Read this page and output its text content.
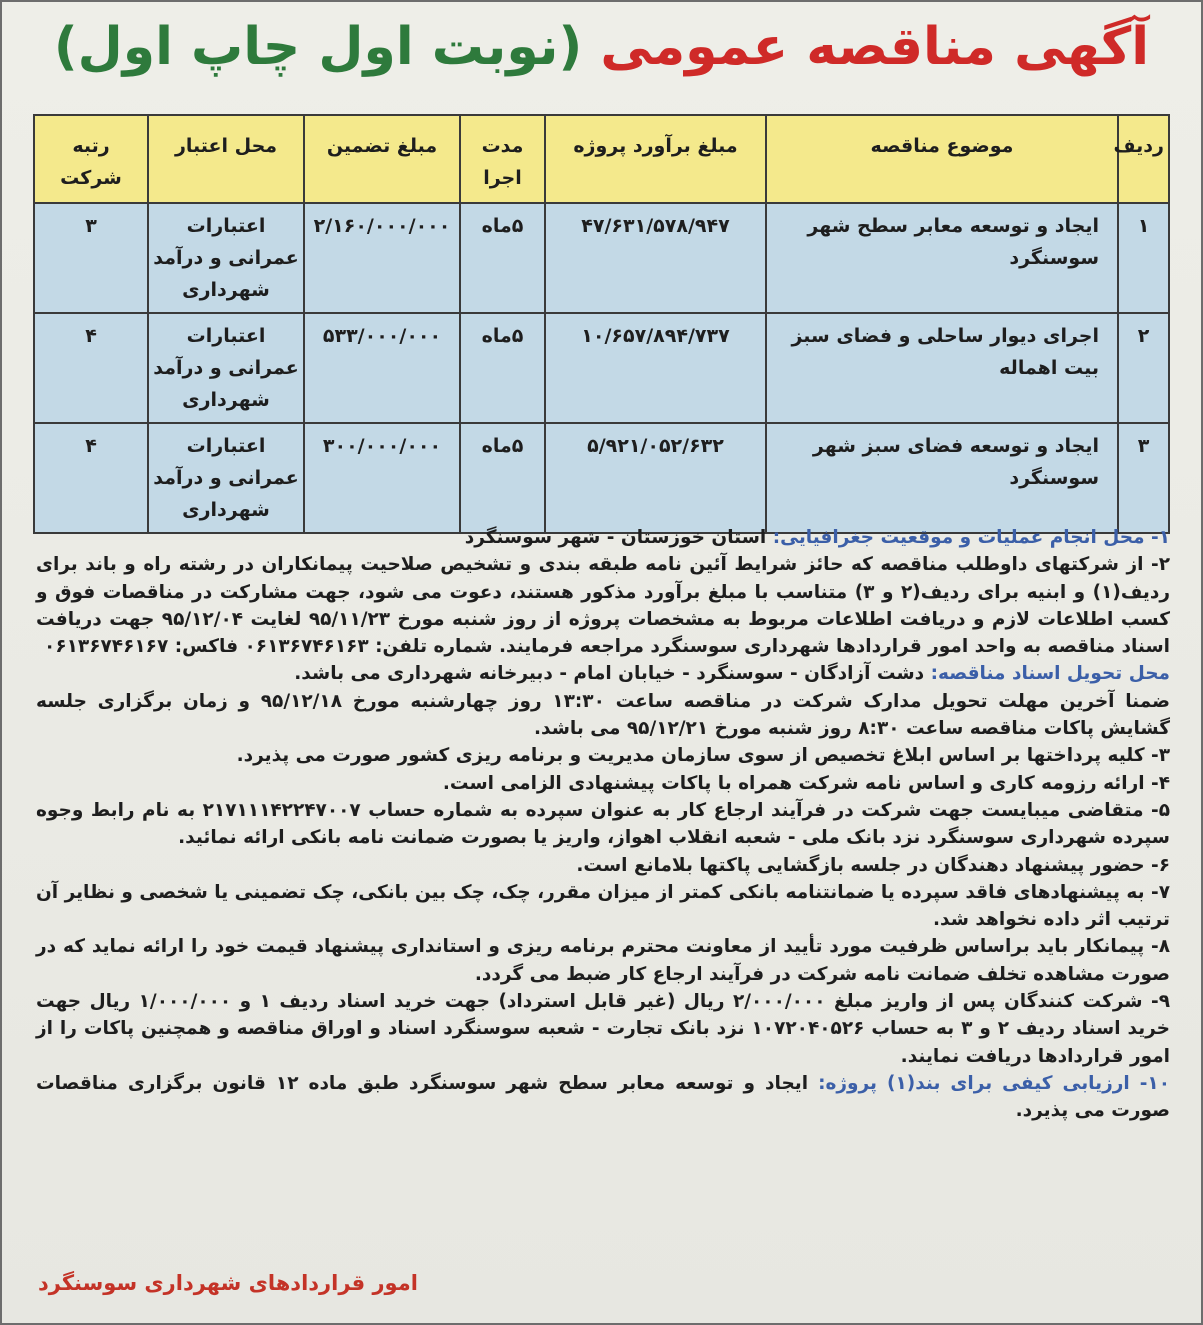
آگهی مناقصه عمومی (نوبت اول چاپ اول)
ردیف	موضوع مناقصه	مبلغ برآورد پروژه	مدت اجرا	مبلغ تضمین	محل اعتبار	رتبه شرکت
۱	ایجاد و توسعه معابر سطح شهر سوسنگرد	۴۷/۶۳۱/۵۷۸/۹۴۷	۵ماه	۲/۱۶۰/۰۰۰/۰۰۰	اعتبارات عمرانی و درآمد شهرداری	۳
۲	اجرای دیوار ساحلی و فضای سبز بیت اهماله	۱۰/۶۵۷/۸۹۴/۷۳۷	۵ماه	۵۳۳/۰۰۰/۰۰۰	اعتبارات عمرانی و درآمد شهرداری	۴
۳	ایجاد و توسعه فضای سبز شهر سوسنگرد	۵/۹۲۱/۰۵۲/۶۳۲	۵ماه	۳۰۰/۰۰۰/۰۰۰	اعتبارات عمرانی و درآمد شهرداری	۴

۱- محل انجام عملیات و موقعیت جغرافیایی: استان خوزستان - شهر سوسنگرد

۲- از شرکتهای داوطلب مناقصه که حائز شرایط آئین نامه طبقه بندی و تشخیص صلاحیت پیمانکاران در رشته راه و باند برای ردیف(۱) و ابنیه برای ردیف(۲ و ۳) متناسب با مبلغ برآورد مذکور هستند، دعوت می شود، جهت مشارکت در مناقصات فوق و کسب اطلاعات لازم و دریافت اطلاعات مربوط به مشخصات پروژه از روز شنبه مورخ ۹۵/۱۱/۲۳ لغایت ۹۵/۱۲/۰۴ جهت دریافت اسناد مناقصه به واحد امور قراردادها شهرداری سوسنگرد مراجعه فرمایند. شماره تلفن: ۰۶۱۳۶۷۴۶۱۶۳ فاکس: ۰۶۱۳۶۷۴۶۱۶۷

محل تحویل اسناد مناقصه: دشت آزادگان - سوسنگرد - خیابان امام - دبیرخانه شهرداری می باشد.

ضمنا آخرین مهلت تحویل مدارک شرکت در مناقصه ساعت ۱۳:۳۰ روز چهارشنبه مورخ ۹۵/۱۲/۱۸ و زمان برگزاری جلسه گشایش پاکات مناقصه ساعت ۸:۳۰ روز شنبه مورخ ۹۵/۱۲/۲۱ می باشد.

۳- کلیه پرداختها بر اساس ابلاغ تخصیص از سوی سازمان مدیریت و برنامه ریزی کشور صورت می پذیرد.

۴- ارائه رزومه کاری و اساس نامه شرکت همراه با پاکات پیشنهادی الزامی است.

۵- متقاضی میبایست جهت شرکت در فرآیند ارجاع کار به عنوان سپرده به شماره حساب ۲۱۷۱۱۱۴۲۲۴۷۰۰۷ به نام رابط وجوه سپرده شهرداری سوسنگرد نزد بانک ملی - شعبه انقلاب اهواز، واریز یا بصورت ضمانت نامه بانکی ارائه نمائید.

۶- حضور پیشنهاد دهندگان در جلسه بازگشایی پاکتها بلامانع است.

۷- به پیشنهادهای فاقد سپرده یا ضمانتنامه بانکی کمتر از میزان مقرر، چک، چک بین بانکی، چک تضمینی یا شخصی و نظایر آن ترتیب اثر داده نخواهد شد.

۸- پیمانکار باید براساس ظرفیت مورد تأیید از معاونت محترم برنامه ریزی و استانداری پیشنهاد قیمت خود را ارائه نماید که در صورت مشاهده تخلف ضمانت نامه شرکت در فرآیند ارجاع کار ضبط می گردد.

۹- شرکت کنندگان پس از واریز مبلغ ۲/۰۰۰/۰۰۰ ریال (غیر قابل استرداد) جهت خرید اسناد ردیف ۱ و ۱/۰۰۰/۰۰۰ ریال جهت خرید اسناد ردیف ۲ و ۳ به حساب ۱۰۷۲۰۴۰۵۲۶ نزد بانک تجارت - شعبه سوسنگرد اسناد و اوراق مناقصه و همچنین پاکات را از امور قراردادها دریافت نمایند.

۱۰- ارزیابی کیفی برای بند(۱) پروژه: ایجاد و توسعه معابر سطح شهر سوسنگرد طبق ماده ۱۲ قانون برگزاری مناقصات صورت می پذیرد.

امور قراردادهای شهرداری سوسنگرد
